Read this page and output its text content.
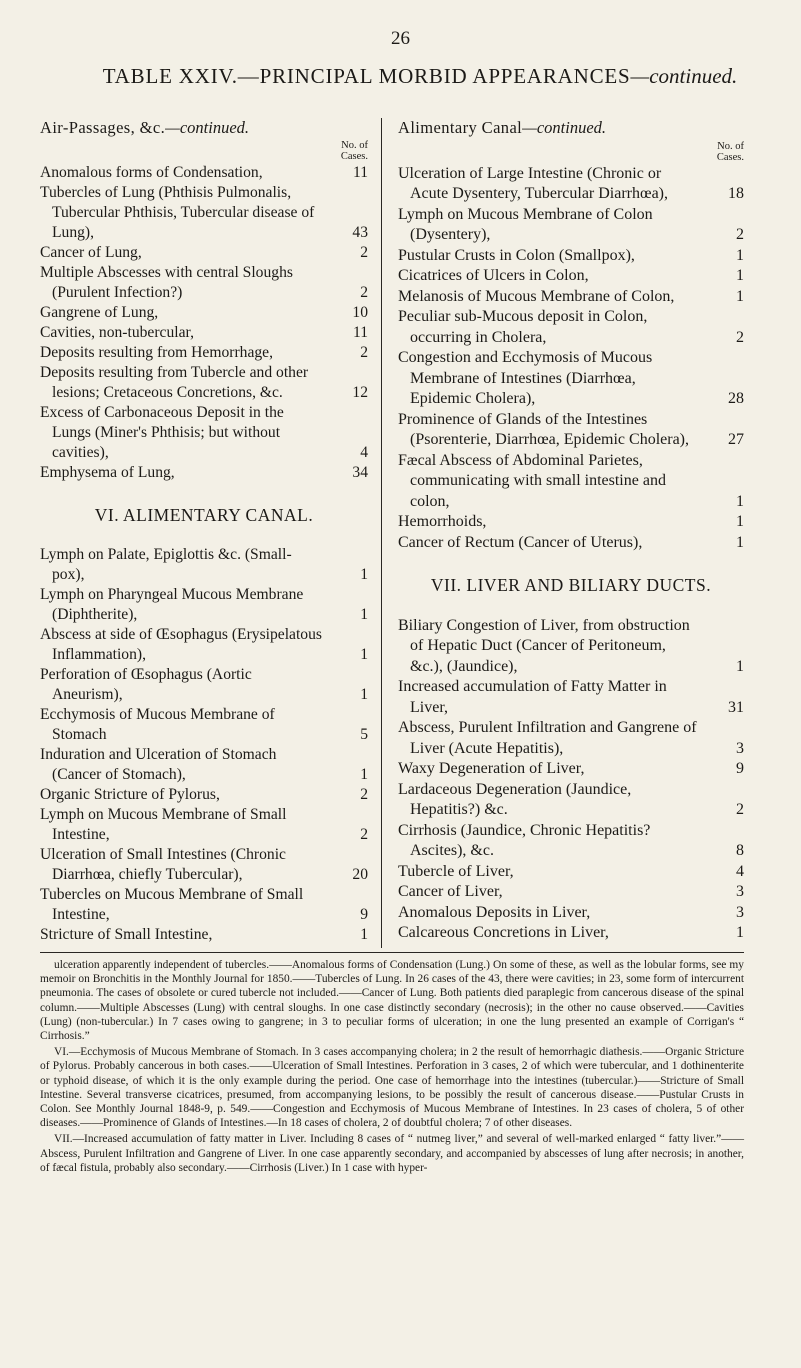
26
TABLE XXIV.—PRINCIPAL MORBID APPEARANCES—continued.
Air-Passages, &c.—continued.
No. of
Cases.
Anomalous forms of Condensation,	11
Tubercles of Lung (Phthisis Pulmonalis, Tubercular Phthisis, Tubercular disease of Lung),	43
Cancer of Lung,	2
Multiple Abscesses with central Sloughs (Purulent Infection?)	2
Gangrene of Lung,	10
Cavities, non-tubercular,	11
Deposits resulting from Hemorrhage,	2
Deposits resulting from Tubercle and other lesions; Cretaceous Concretions, &c.	12
Excess of Carbonaceous Deposit in the Lungs (Miner's Phthisis; but without cavities),	4
Emphysema of Lung,	34
VI. ALIMENTARY CANAL.
Lymph on Palate, Epiglottis &c. (Small-pox),	1
Lymph on Pharyngeal Mucous Membrane (Diphtherite),	1
Abscess at side of Œsophagus (Erysipelatous Inflammation),	1
Perforation of Œsophagus (Aortic Aneurism),	1
Ecchymosis of Mucous Membrane of Stomach	5
Induration and Ulceration of Stomach (Cancer of Stomach),	1
Organic Stricture of Pylorus,	2
Lymph on Mucous Membrane of Small Intestine,	2
Ulceration of Small Intestines (Chronic Diarrhœa, chiefly Tubercular),	20
Tubercles on Mucous Membrane of Small Intestine,	9
Stricture of Small Intestine,	1
Alimentary Canal—continued.
No. of
Cases.
Ulceration of Large Intestine (Chronic or Acute Dysentery, Tubercular Diarrhœa),	18
Lymph on Mucous Membrane of Colon (Dysentery),	2
Pustular Crusts in Colon (Smallpox),	1
Cicatrices of Ulcers in Colon,	1
Melanosis of Mucous Membrane of Colon,	1
Peculiar sub-Mucous deposit in Colon, occurring in Cholera,	2
Congestion and Ecchymosis of Mucous Membrane of Intestines (Diarrhœa, Epidemic Cholera),	28
Prominence of Glands of the Intestines (Psorenterie, Diarrhœa, Epidemic Cholera), 27
Fæcal Abscess of Abdominal Parietes, communicating with small intestine and colon,	1
Hemorrhoids,	1
Cancer of Rectum (Cancer of Uterus),	1
VII. LIVER AND BILIARY DUCTS.
Biliary Congestion of Liver, from obstruction of Hepatic Duct (Cancer of Peritoneum, &c.), (Jaundice),	1
Increased accumulation of Fatty Matter in Liver,	31
Abscess, Purulent Infiltration and Gangrene of Liver (Acute Hepatitis),	3
Waxy Degeneration of Liver,	9
Lardaceous Degeneration (Jaundice, Hepatitis?) &c.	2
Cirrhosis (Jaundice, Chronic Hepatitis? Ascites), &c.	8
Tubercle of Liver,	4
Cancer of Liver,	3
Anomalous Deposits in Liver,	3
Calcareous Concretions in Liver,	1

ulceration apparently independent of tubercles.——Anomalous forms of Condensation (Lung.) On some of these, as well as the lobular forms, see my memoir on Bronchitis in the Monthly Journal for 1850.——Tubercles of Lung. In 26 cases of the 43, there were cavities; in 23, some form of intercurrent pneumonia. The cases of obsolete or cured tubercle not included.——Cancer of Lung. Both patients died paraplegic from cancerous disease of the spinal column.——Multiple Abscesses (Lung) with central sloughs. In one case distinctly secondary (necrosis); in the other no cause observed.——Cavities (Lung) (non-tubercular.) In 7 cases owing to gangrene; in 3 to peculiar forms of ulceration; in one the lung presented an example of Corrigan's “ Cirrhosis.”

VI.—Ecchymosis of Mucous Membrane of Stomach. In 3 cases accompanying cholera; in 2 the result of hemorrhagic diathesis.——Organic Stricture of Pylorus. Probably cancerous in both cases.——Ulceration of Small Intestines. Perforation in 3 cases, 2 of which were tubercular, and 1 dothinenterite or typhoid disease, of which it is the only example during the period. One case of hemorrhage into the intestines (tubercular.)——Stricture of Small Intestine. Several transverse cicatrices, presumed, from accompanying lesions, to be possibly the result of cancerous disease.——Pustular Crusts in Colon. See Monthly Journal 1848-9, p. 549.——Congestion and Ecchymosis of Mucous Membrane of Intestines. In 23 cases of cholera, 5 of other diseases.——Prominence of Glands of Intestines.—In 18 cases of cholera, 2 of doubtful cholera; 7 of other diseases.

VII.—Increased accumulation of fatty matter in Liver. Including 8 cases of “ nutmeg liver,” and several of well-marked enlarged “ fatty liver.”——Abscess, Purulent Infiltration and Gangrene of Liver. In one case apparently secondary, and accompanied by abscesses of lung after necrosis; in another, of fæcal fistula, probably also secondary.——Cirrhosis (Liver.) In 1 case with hyper-
